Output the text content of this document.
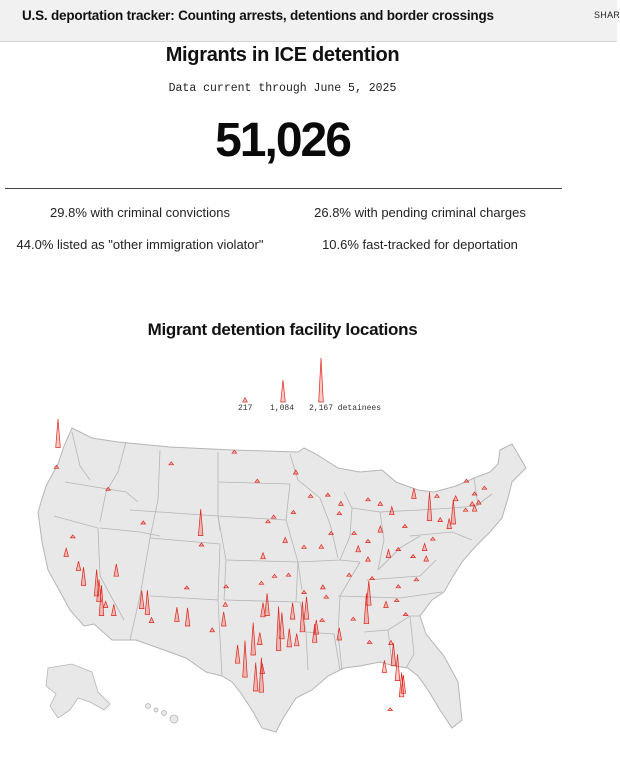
U.S. deportation tracker: Counting arrests, detentions and border crossings	SHAR
Migrants in ICE detention
Data current through June 5, 2025
51,026
29.8% with criminal convictions	26.8% with pending criminal charges
44.0% listed as "other immigration violator"	10.6% fast-tracked for deportation
Migrant detention facility locations
217 1,084 2,167 detainees
